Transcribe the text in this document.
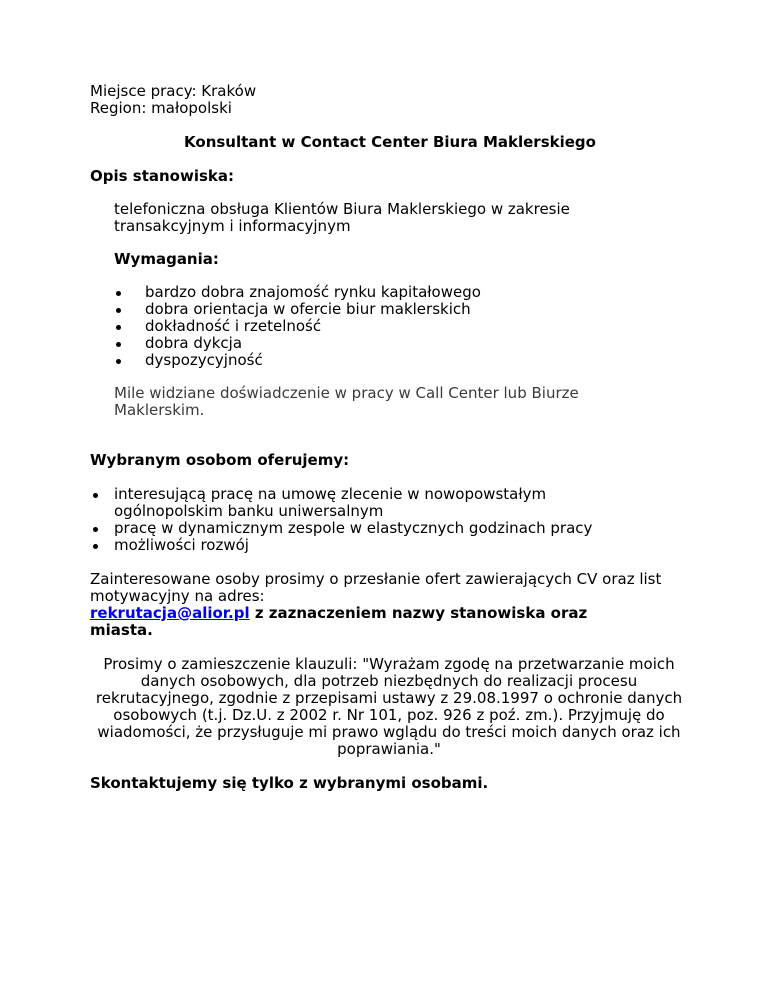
Miejsce pracy: Kraków

Region: małopolski

Konsultant w Contact Center Biura Maklerskiego

Opis stanowiska:

telefoniczna obsługa Klientów Biura Maklerskiego w zakresie transakcyjnym i informacyjnym

Wymagania:

bardzo dobra znajomość rynku kapitałowego
dobra orientacja w ofercie biur maklerskich
dokładność i rzetelność
dobra dykcja
dyspozycyjność

Mile widziane doświadczenie w pracy w Call Center lub Biurze Maklerskim.

Wybranym osobom oferujemy:

interesującą pracę na umowę zlecenie w nowopowstałym ogólnopolskim banku uniwersalnym
pracę w dynamicznym zespole w elastycznych godzinach pracy
możliwości rozwój

Zainteresowane osoby prosimy o przesłanie ofert zawierających CV oraz list motywacyjny na adres:

rekrutacja@alior.pl z zaznaczeniem nazwy stanowiska oraz miasta.

Prosimy o zamieszczenie klauzuli: "Wyrażam zgodę na przetwarzanie moich danych osobowych, dla potrzeb niezbędnych do realizacji procesu rekrutacyjnego, zgodnie z przepisami ustawy z 29.08.1997 o ochronie danych osobowych (t.j. Dz.U. z 2002 r. Nr 101, poz. 926 z poź. zm.). Przyjmuję do wiadomości, że przysługuje mi prawo wglądu do treści moich danych oraz ich poprawiania."

Skontaktujemy się tylko z wybranymi osobami.
